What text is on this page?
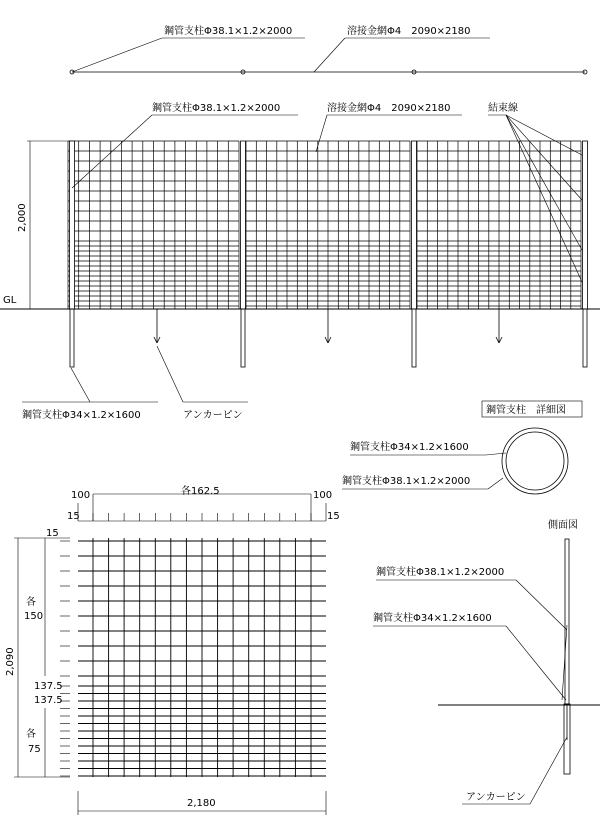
鋼管支柱Φ38.1×1.2×2000	溶接金網Φ4　2090×2180
GL
2,000
鋼管支柱Φ38.1×1.2×2000	溶接金網Φ4　2090×2180	結束線
鋼管支柱Φ34×1.2×1600	アンカーピン	鋼管支柱　詳細図
鋼管支柱Φ34×1.2×1600
鋼管支柱Φ38.1×1.2×2000
100	各162.5	100
15	15
15
各
150
137.5
137.5
各
75
2,090
2,180
側面図
鋼管支柱Φ38.1×1.2×2000
鋼管支柱Φ34×1.2×1600
アンカーピン
